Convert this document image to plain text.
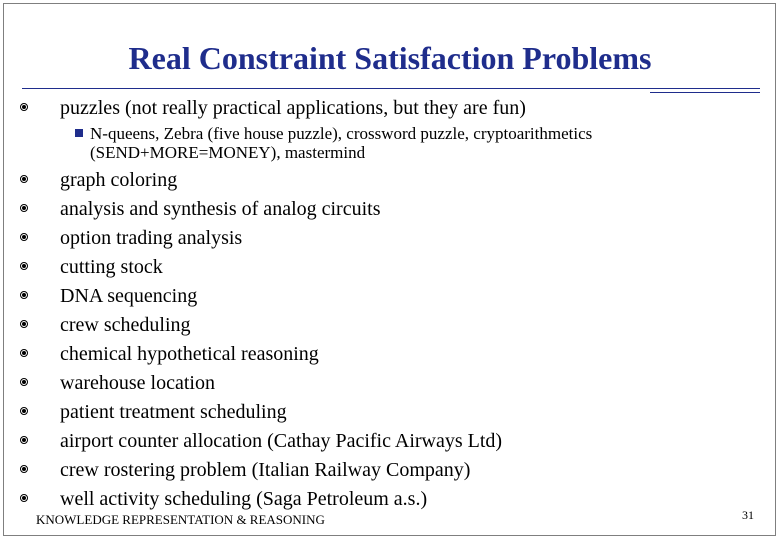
Real Constraint Satisfaction Problems
puzzles (not really practical applications, but they are fun)
N-queens, Zebra (five house puzzle), crossword puzzle, cryptoarithmetics
(SEND+MORE=MONEY), mastermind
graph coloring
analysis and synthesis of analog circuits
option trading analysis
cutting stock
DNA sequencing
crew scheduling
chemical hypothetical reasoning
warehouse location
patient treatment scheduling
airport counter allocation (Cathay Pacific Airways Ltd)
crew rostering problem (Italian Railway Company)
well activity scheduling (Saga Petroleum a.s.)
KNOWLEDGE REPRESENTATION & REASONING	31
